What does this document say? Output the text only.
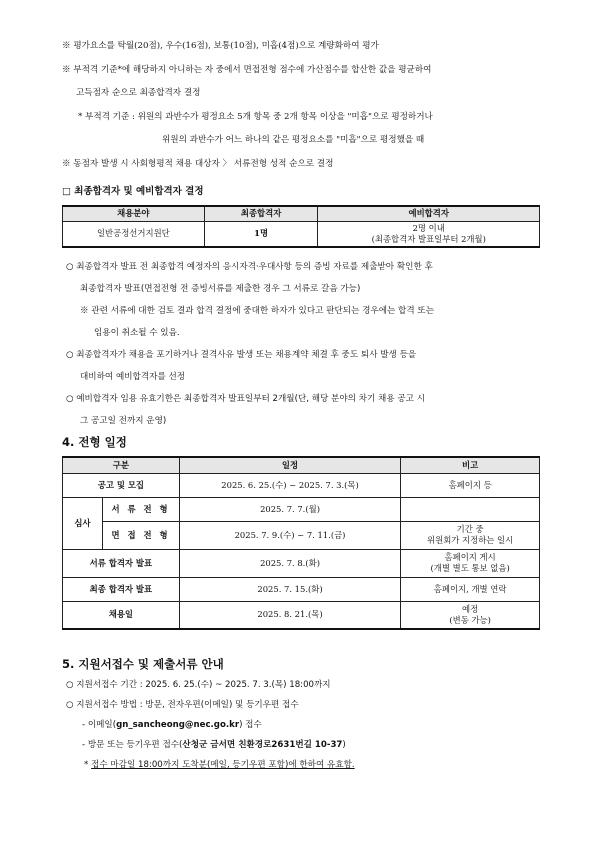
※ 평가요소를 탁월(20점), 우수(16점), 보통(10점), 미흡(4점)으로 계량화하여 평가
※ 부적격 기준*에 해당하지 아니하는 자 중에서 면접전형 점수에 가산점수를 합산한 값을 평균하여
고득점자 순으로 최종합격자 결정
* 부적격 기준 : 위원의 과반수가 평정요소 5개 항목 중 2개 항목 이상을 "미흡"으로 평정하거나
위원의 과반수가 어느 하나의 같은 평정요소를 "미흡"으로 평정했을 때
※ 동점자 발생 시 사회형평적 채용 대상자 〉 서류전형 성적 순으로 결정
□ 최종합격자 및 예비합격자 결정
채용분야	최종합격자	예비합격자
일반공정선거지원단	1명	2명 이내
(최종합격자 발표일부터 2개월)
○ 최종합격자 발표 전 최종합격 예정자의 응시자격·우대사항 등의 증빙 자료를 제출받아 확인한 후
최종합격자 발표(면접전형 전 증빙서류를 제출한 경우 그 서류로 갈음 가능)
※ 관련 서류에 대한 검토 결과 합격 결정에 중대한 하자가 있다고 판단되는 경우에는 합격 또는
임용이 취소될 수 있음.
○ 최종합격자가 채용을 포기하거나 결격사유 발생 또는 채용계약 체결 후 중도 퇴사 발생 등을
대비하여 예비합격자를 선정
○ 예비합격자 임용 유효기한은 최종합격자 발표일부터 2개월(단, 해당 분야의 차기 채용 공고 시
그 공고일 전까지 운영)
4. 전형 일정
구분		일정	비고
공고 및 모집		2025. 6. 25.(수) ~ 2025. 7. 3.(목)	홈페이지 등
심사	서 류 전 형	2025. 7. 7.(월)	
	면 접 전 형	2025. 7. 9.(수) ~ 7. 11.(금)	기간 중
위원회가 지정하는 일시

서류 합격자 발표		2025. 7. 8.(화)	홈페이지 게시
(개별 별도 통보 없음)

최종 합격자 발표		2025. 7. 15.(화)	홈페이지, 개별 연락
채용일		2025. 8. 21.(목)	예정
(변동 가능)
5. 지원서접수 및 제출서류 안내
○ 지원서접수 기간 : 2025. 6. 25.(수) ~ 2025. 7. 3.(목) 18:00까지
○ 지원서접수 방법 : 방문, 전자우편(이메일) 및 등기우편 접수
- 이메일(gn_sancheong@nec.go.kr) 접수
- 방문 또는 등기우편 접수(산청군 금서면 친환경로2631번길 10-37)
* 접수 마감일 18:00까지 도착분(메일, 등기우편 포함)에 한하여 유효함.
